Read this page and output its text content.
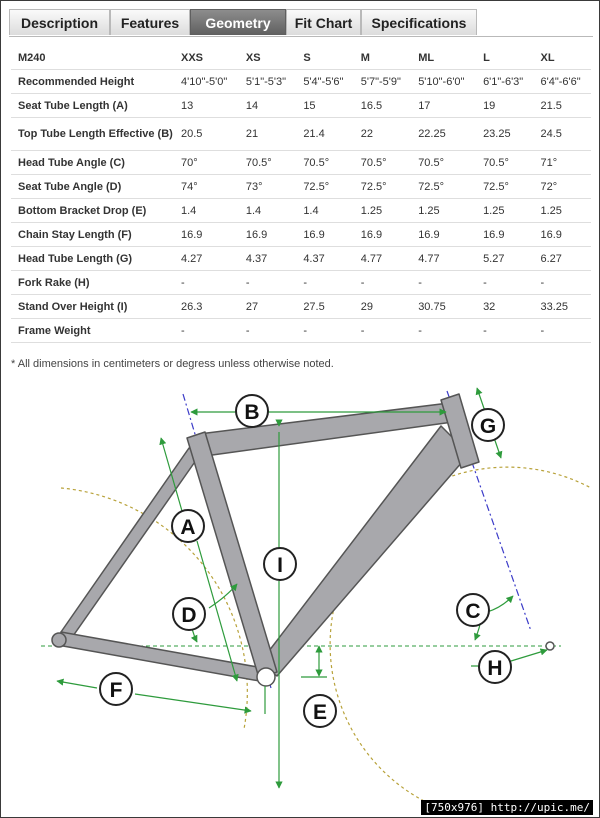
Description	Features	Geometry	Fit Chart	Specifications
M240	XXS	XS	S	M	ML	L	XL
Recommended Height	4'10"-5'0"	5'1"-5'3"	5'4"-5'6"	5'7"-5'9"	5'10"-6'0"	6'1"-6'3"	6'4"-6'6"
Seat Tube Length (A)	13	14	15	16.5	17	19	21.5
Top Tube Length Effective (B)	20.5	21	21.4	22	22.25	23.25	24.5
Head Tube Angle (C)	70°	70.5°	70.5°	70.5°	70.5°	70.5°	71°
Seat Tube Angle (D)	74°	73°	72.5°	72.5°	72.5°	72.5°	72°
Bottom Bracket Drop (E)	1.4	1.4	1.4	1.25	1.25	1.25	1.25
Chain Stay Length (F)	16.9	16.9	16.9	16.9	16.9	16.9	16.9
Head Tube Length (G)	4.27	4.37	4.37	4.77	4.77	5.27	6.27
Fork Rake (H)	-	-	-	-	-	-	-
Stand Over Height (I)	26.3	27	27.5	29	30.75	32	33.25
Frame Weight	-	-	-	-	-	-	-
* All dimensions in centimeters or degress unless otherwise noted.
B
G
A
I
D	C
H
F
E
[750x976] http://upic.me/
